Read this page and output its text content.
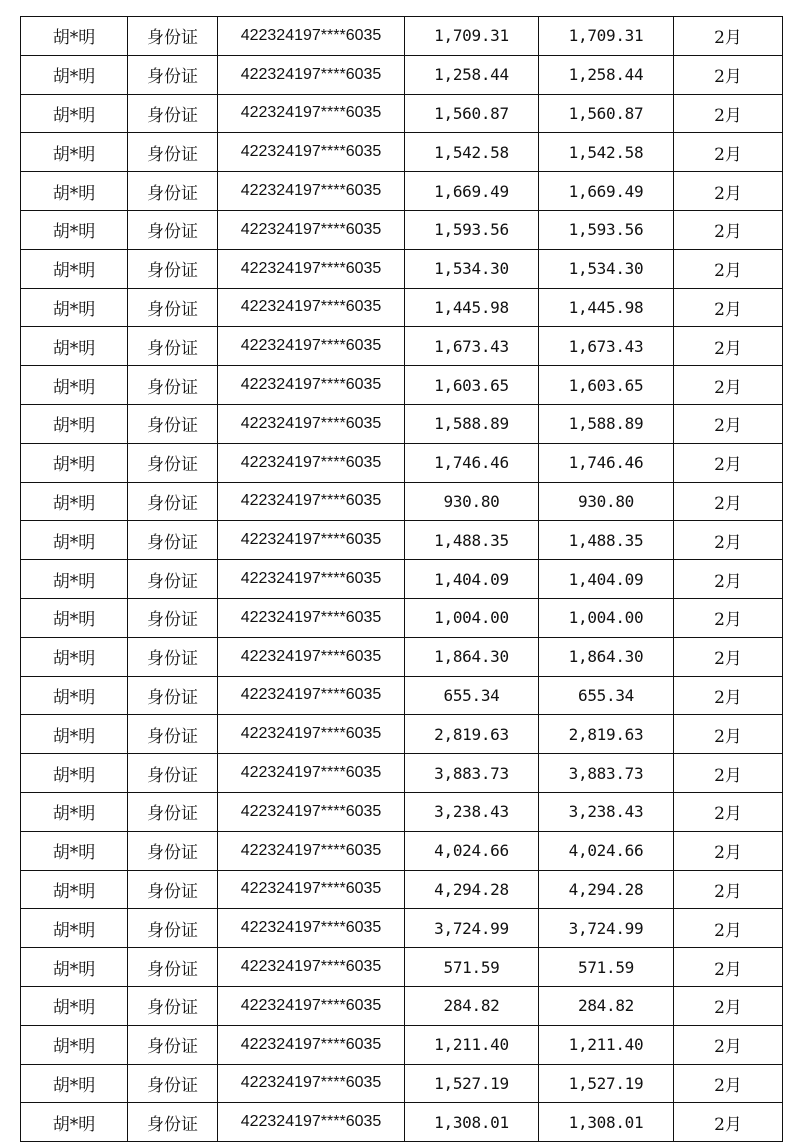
胡*明	身份证	422324197****6035	1,709.31	1,709.31	2月
胡*明	身份证	422324197****6035	1,258.44	1,258.44	2月
胡*明	身份证	422324197****6035	1,560.87	1,560.87	2月
胡*明	身份证	422324197****6035	1,542.58	1,542.58	2月
胡*明	身份证	422324197****6035	1,669.49	1,669.49	2月
胡*明	身份证	422324197****6035	1,593.56	1,593.56	2月
胡*明	身份证	422324197****6035	1,534.30	1,534.30	2月
胡*明	身份证	422324197****6035	1,445.98	1,445.98	2月
胡*明	身份证	422324197****6035	1,673.43	1,673.43	2月
胡*明	身份证	422324197****6035	1,603.65	1,603.65	2月
胡*明	身份证	422324197****6035	1,588.89	1,588.89	2月
胡*明	身份证	422324197****6035	1,746.46	1,746.46	2月
胡*明	身份证	422324197****6035	930.80	930.80	2月
胡*明	身份证	422324197****6035	1,488.35	1,488.35	2月
胡*明	身份证	422324197****6035	1,404.09	1,404.09	2月
胡*明	身份证	422324197****6035	1,004.00	1,004.00	2月
胡*明	身份证	422324197****6035	1,864.30	1,864.30	2月
胡*明	身份证	422324197****6035	655.34	655.34	2月
胡*明	身份证	422324197****6035	2,819.63	2,819.63	2月
胡*明	身份证	422324197****6035	3,883.73	3,883.73	2月
胡*明	身份证	422324197****6035	3,238.43	3,238.43	2月
胡*明	身份证	422324197****6035	4,024.66	4,024.66	2月
胡*明	身份证	422324197****6035	4,294.28	4,294.28	2月
胡*明	身份证	422324197****6035	3,724.99	3,724.99	2月
胡*明	身份证	422324197****6035	571.59	571.59	2月
胡*明	身份证	422324197****6035	284.82	284.82	2月
胡*明	身份证	422324197****6035	1,211.40	1,211.40	2月
胡*明	身份证	422324197****6035	1,527.19	1,527.19	2月
胡*明	身份证	422324197****6035	1,308.01	1,308.01	2月
